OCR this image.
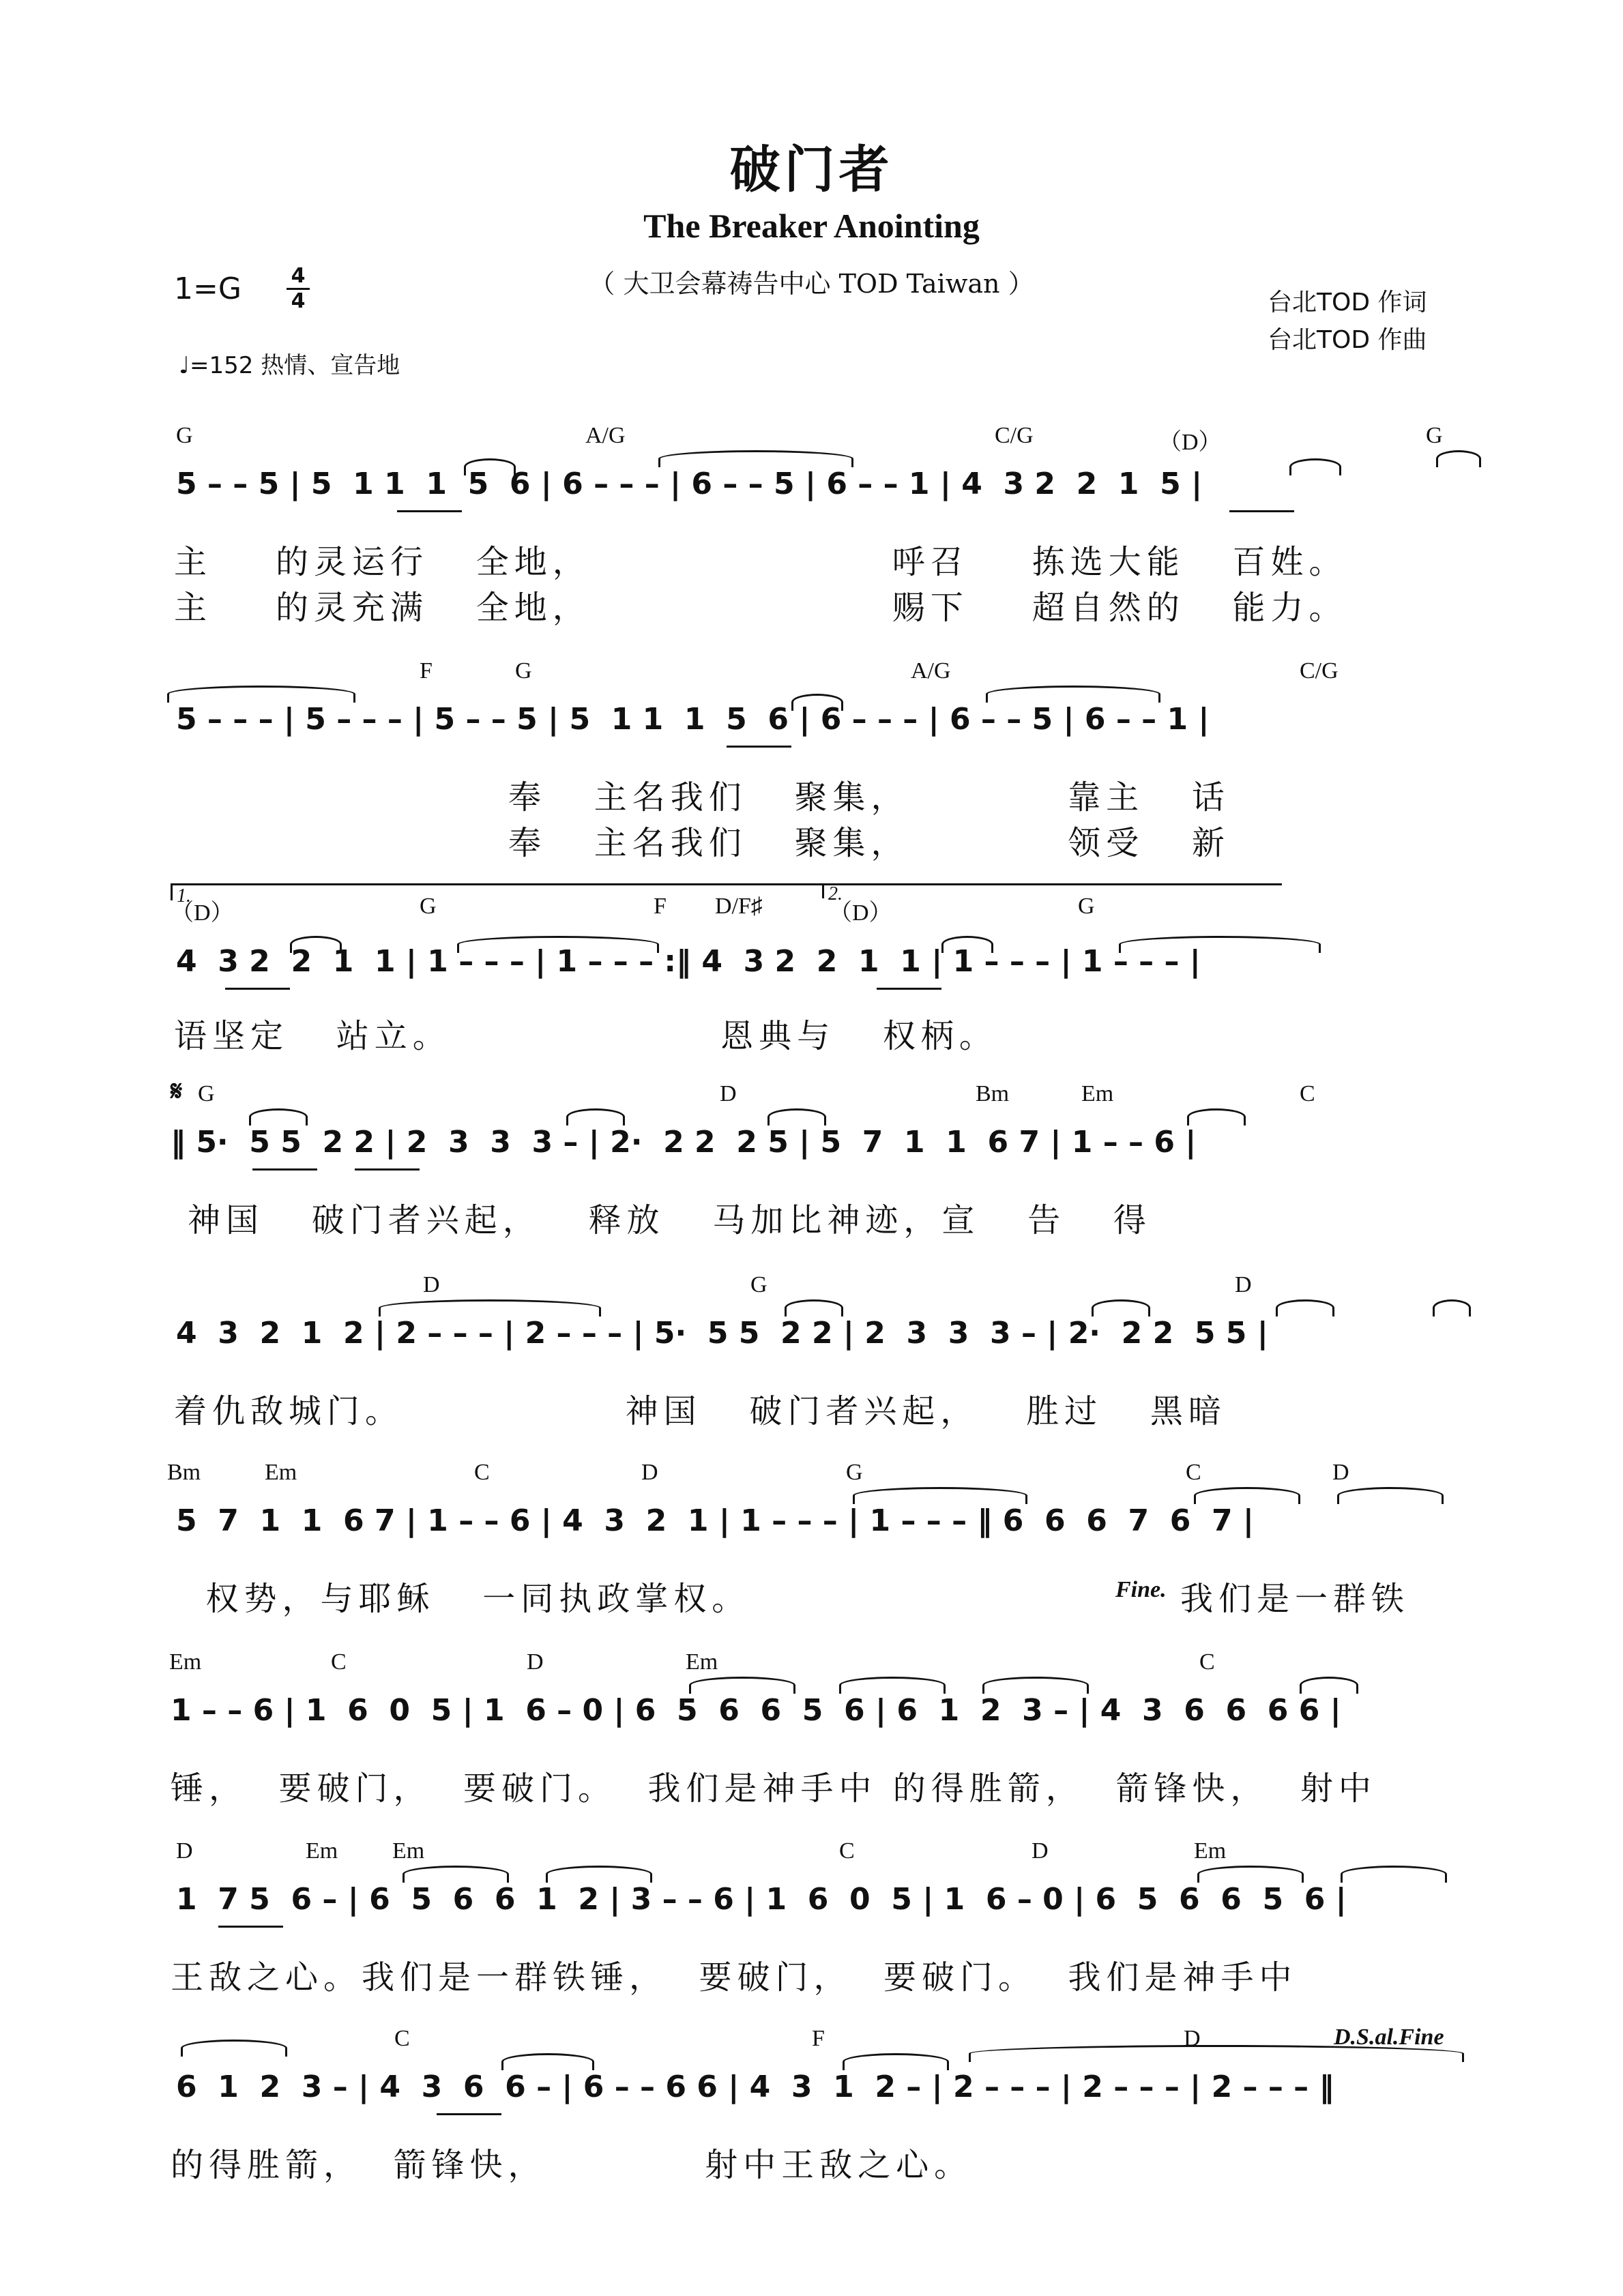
破门者
The Breaker Anointing
（ 大卫会幕祷告中心 TOD Taiwan ）
1=G	4
4
♩=152 热情、宣告地
台北TOD 作词
台北TOD 作曲
G	A/G	C/G	（D）	G
5 – – 5 | 5  1 1  1  5  6 | 6 – – – | 6 – – 5 | 6 – – 1 | 4  3 2  2  1  5 |
主    的灵运行   全地，                   呼召    拣选大能   百姓。
主    的灵充满   全地，                   赐下    超自然的   能力。
F	G	A/G	C/G
5 – – – | 5 – – – | 5 – – 5 | 5  1 1  1  5  6 | 6 – – – | 6 – – 5 | 6 – – 1 |
奉   主名我们   聚集，          靠主   话
奉   主名我们   聚集，          领受   新
1.	2.
（D）	G	F D/F♯	（D）	G
4  3 2  2  1  1 | 1 – – – | 1 – – – :‖ 4  3 2  2  1  1 | 1 – – – | 1 – – – |
语坚定   站立。                 恩典与   权柄。
𝄋 G	D	Bm	Em	C
‖ 5·  5 5  2 2 | 2  3  3  3 – | 2·  2 2  2 5 | 5  7  1  1  6 7 | 1 – – 6 |
神国   破门者兴起，   释放   马加比神迹，宣   告   得
D	G	D
4  3  2  1  2 | 2 – – – | 2 – – – | 5·  5 5  2 2 | 2  3  3  3 – | 2·  2 2  5 5 |
着仇敌城门。              神国   破门者兴起，   胜过   黑暗
Bm	Em	C	D	G	C	D
5  7  1  1  6 7 | 1 – – 6 | 4  3  2  1 | 1 – – – | 1 – – – ‖ 6  6  6  7  6  7 |
权势，与耶稣   一同执政掌权。	Fine. 我们是一群铁
Em	C	D	Em	C
1 – – 6 | 1  6  0  5 | 1  6 – 0 | 6  5  6  6  5  6 | 6  1  2  3 – | 4  3  6  6  6 6 |
锤，  要破门，  要破门。  我们是神手中 的得胜箭，  箭锋快，  射中
D	Em Em	C	D	Em
1  7 5  6 – | 6  5  6  6  1  2 | 3 – – 6 | 1  6  0  5 | 1  6 – 0 | 6  5  6  6  5  6 |
王敌之心。我们是一群铁锤，  要破门，  要破门。  我们是神手中
C	F	D	D.S.al.Fine
6  1  2  3 – | 4  3  6  6 – | 6 – – 6 6 | 4  3  1  2 – | 2 – – – | 2 – – – | 2 – – – ‖
的得胜箭，  箭锋快，          射中王敌之心。
